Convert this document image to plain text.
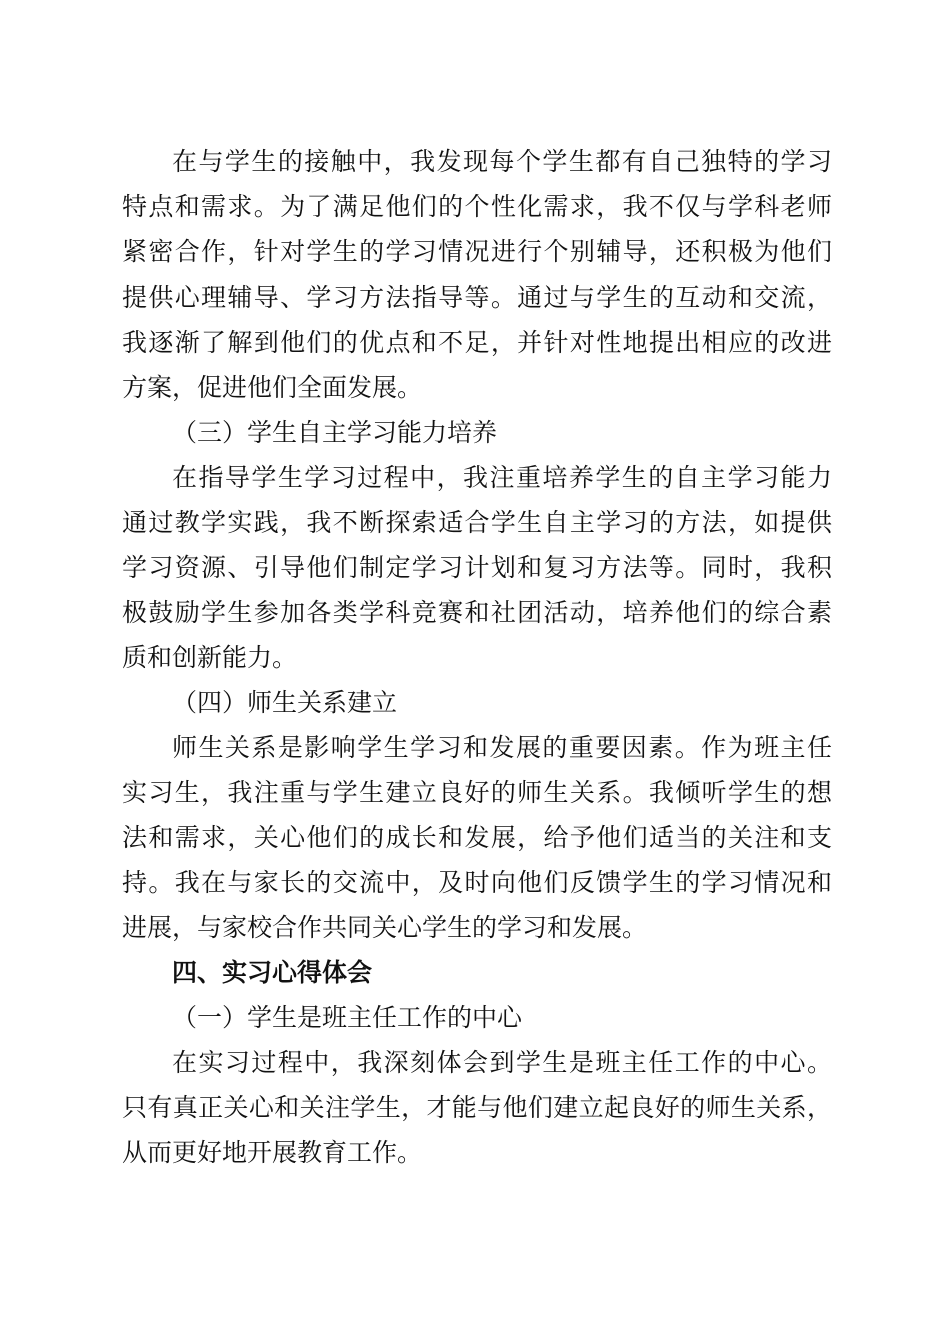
在与学生的接触中，我发现每个学生都有自己独特的学习
特点和需求。为了满足他们的个性化需求，我不仅与学科老师
紧密合作，针对学生的学习情况进行个别辅导，还积极为他们
提供心理辅导、学习方法指导等。通过与学生的互动和交流，
我逐渐了解到他们的优点和不足，并针对性地提出相应的改进
方案，促进他们全面发展。
（三）学生自主学习能力培养
在指导学生学习过程中，我注重培养学生的自主学习能力
通过教学实践，我不断探索适合学生自主学习的方法，如提供
学习资源、引导他们制定学习计划和复习方法等。同时，我积
极鼓励学生参加各类学科竞赛和社团活动，培养他们的综合素
质和创新能力。
（四）师生关系建立
师生关系是影响学生学习和发展的重要因素。作为班主任
实习生，我注重与学生建立良好的师生关系。我倾听学生的想
法和需求，关心他们的成长和发展，给予他们适当的关注和支
持。我在与家长的交流中，及时向他们反馈学生的学习情况和
进展，与家校合作共同关心学生的学习和发展。
四、实习心得体会
（一）学生是班主任工作的中心
在实习过程中，我深刻体会到学生是班主任工作的中心。
只有真正关心和关注学生，才能与他们建立起良好的师生关系，
从而更好地开展教育工作。
